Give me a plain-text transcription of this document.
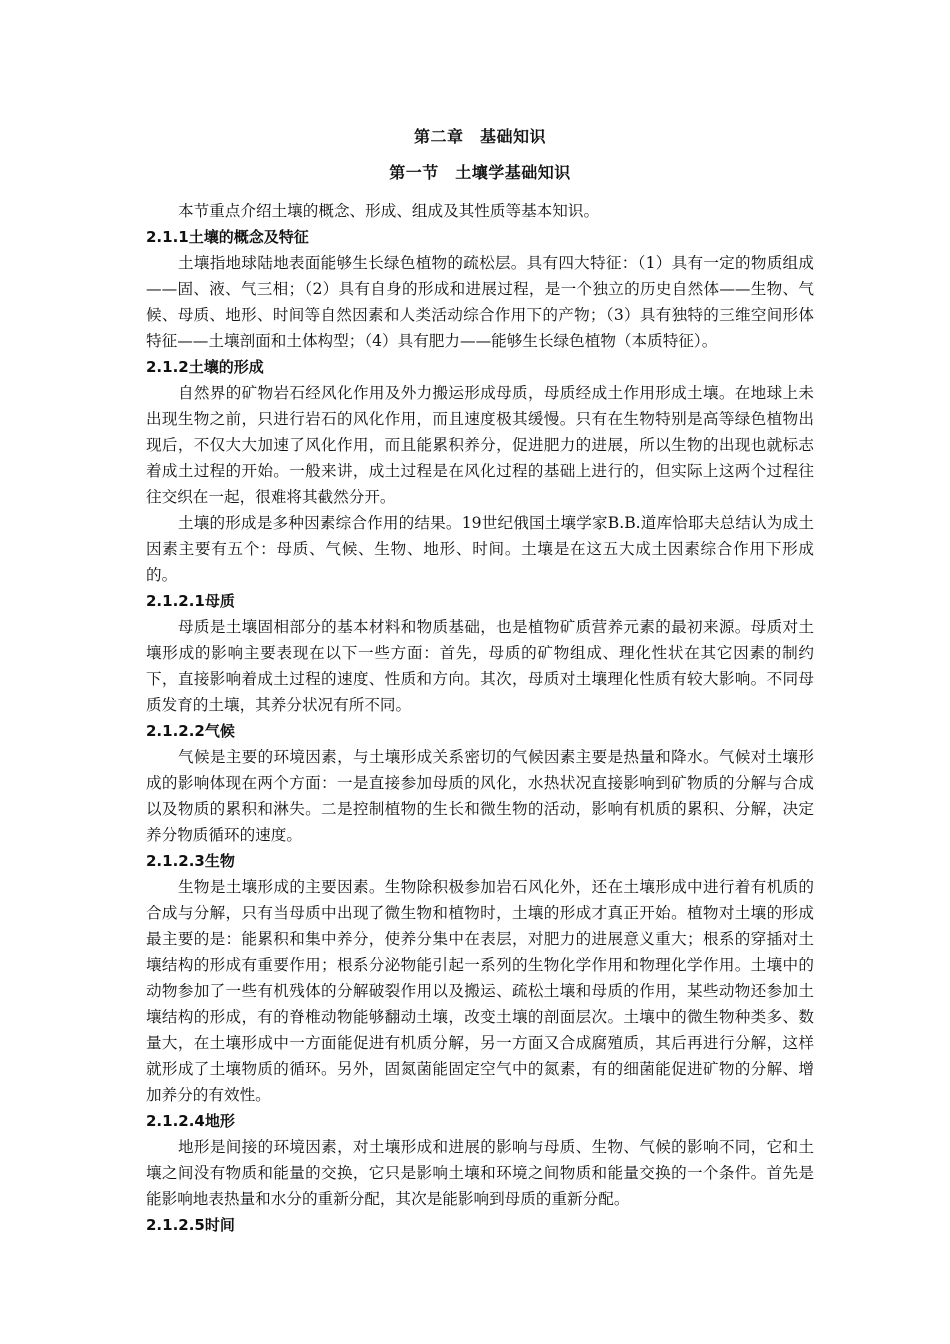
第二章　基础知识
第一节　土壤学基础知识

本节重点介绍土壤的概念、形成、组成及其性质等基本知识。

2.1.1土壤的概念及特征

土壤指地球陆地表面能够生长绿色植物的疏松层。具有四大特征：（1）具有一定的物质组成——固、液、气三相；（2）具有自身的形成和进展过程，是一个独立的历史自然体——生物、气候、母质、地形、时间等自然因素和人类活动综合作用下的产物；（3）具有独特的三维空间形体特征——土壤剖面和土体构型；（4）具有肥力——能够生长绿色植物（本质特征）。

2.1.2土壤的形成

自然界的矿物岩石经风化作用及外力搬运形成母质，母质经成土作用形成土壤。在地球上未出现生物之前，只进行岩石的风化作用，而且速度极其缓慢。只有在生物特别是高等绿色植物出现后，不仅大大加速了风化作用，而且能累积养分，促进肥力的进展，所以生物的出现也就标志着成土过程的开始。一般来讲，成土过程是在风化过程的基础上进行的，但实际上这两个过程往往交织在一起，很难将其截然分开。

土壤的形成是多种因素综合作用的结果。19世纪俄国土壤学家B.B.道库恰耶夫总结认为成土因素主要有五个：母质、气候、生物、地形、时间。土壤是在这五大成土因素综合作用下形成的。

2.1.2.1母质

母质是土壤固相部分的基本材料和物质基础，也是植物矿质营养元素的最初来源。母质对土壤形成的影响主要表现在以下一些方面：首先，母质的矿物组成、理化性状在其它因素的制约下，直接影响着成土过程的速度、性质和方向。其次，母质对土壤理化性质有较大影响。不同母质发育的土壤，其养分状况有所不同。

2.1.2.2气候

气候是主要的环境因素，与土壤形成关系密切的气候因素主要是热量和降水。气候对土壤形成的影响体现在两个方面：一是直接参加母质的风化，水热状况直接影响到矿物质的分解与合成以及物质的累积和淋失。二是控制植物的生长和微生物的活动，影响有机质的累积、分解，决定养分物质循环的速度。

2.1.2.3生物

生物是土壤形成的主要因素。生物除积极参加岩石风化外，还在土壤形成中进行着有机质的合成与分解，只有当母质中出现了微生物和植物时，土壤的形成才真正开始。植物对土壤的形成最主要的是：能累积和集中养分，使养分集中在表层，对肥力的进展意义重大；根系的穿插对土壤结构的形成有重要作用；根系分泌物能引起一系列的生物化学作用和物理化学作用。土壤中的动物参加了一些有机残体的分解破裂作用以及搬运、疏松土壤和母质的作用，某些动物还参加土壤结构的形成，有的脊椎动物能够翻动土壤，改变土壤的剖面层次。土壤中的微生物种类多、数量大，在土壤形成中一方面能促进有机质分解，另一方面又合成腐殖质，其后再进行分解，这样就形成了土壤物质的循环。另外，固氮菌能固定空气中的氮素，有的细菌能促进矿物的分解、增加养分的有效性。

2.1.2.4地形

地形是间接的环境因素，对土壤形成和进展的影响与母质、生物、气候的影响不同，它和土壤之间没有物质和能量的交换，它只是影响土壤和环境之间物质和能量交换的一个条件。首先是能影响地表热量和水分的重新分配，其次是能影响到母质的重新分配。

2.1.2.5时间
